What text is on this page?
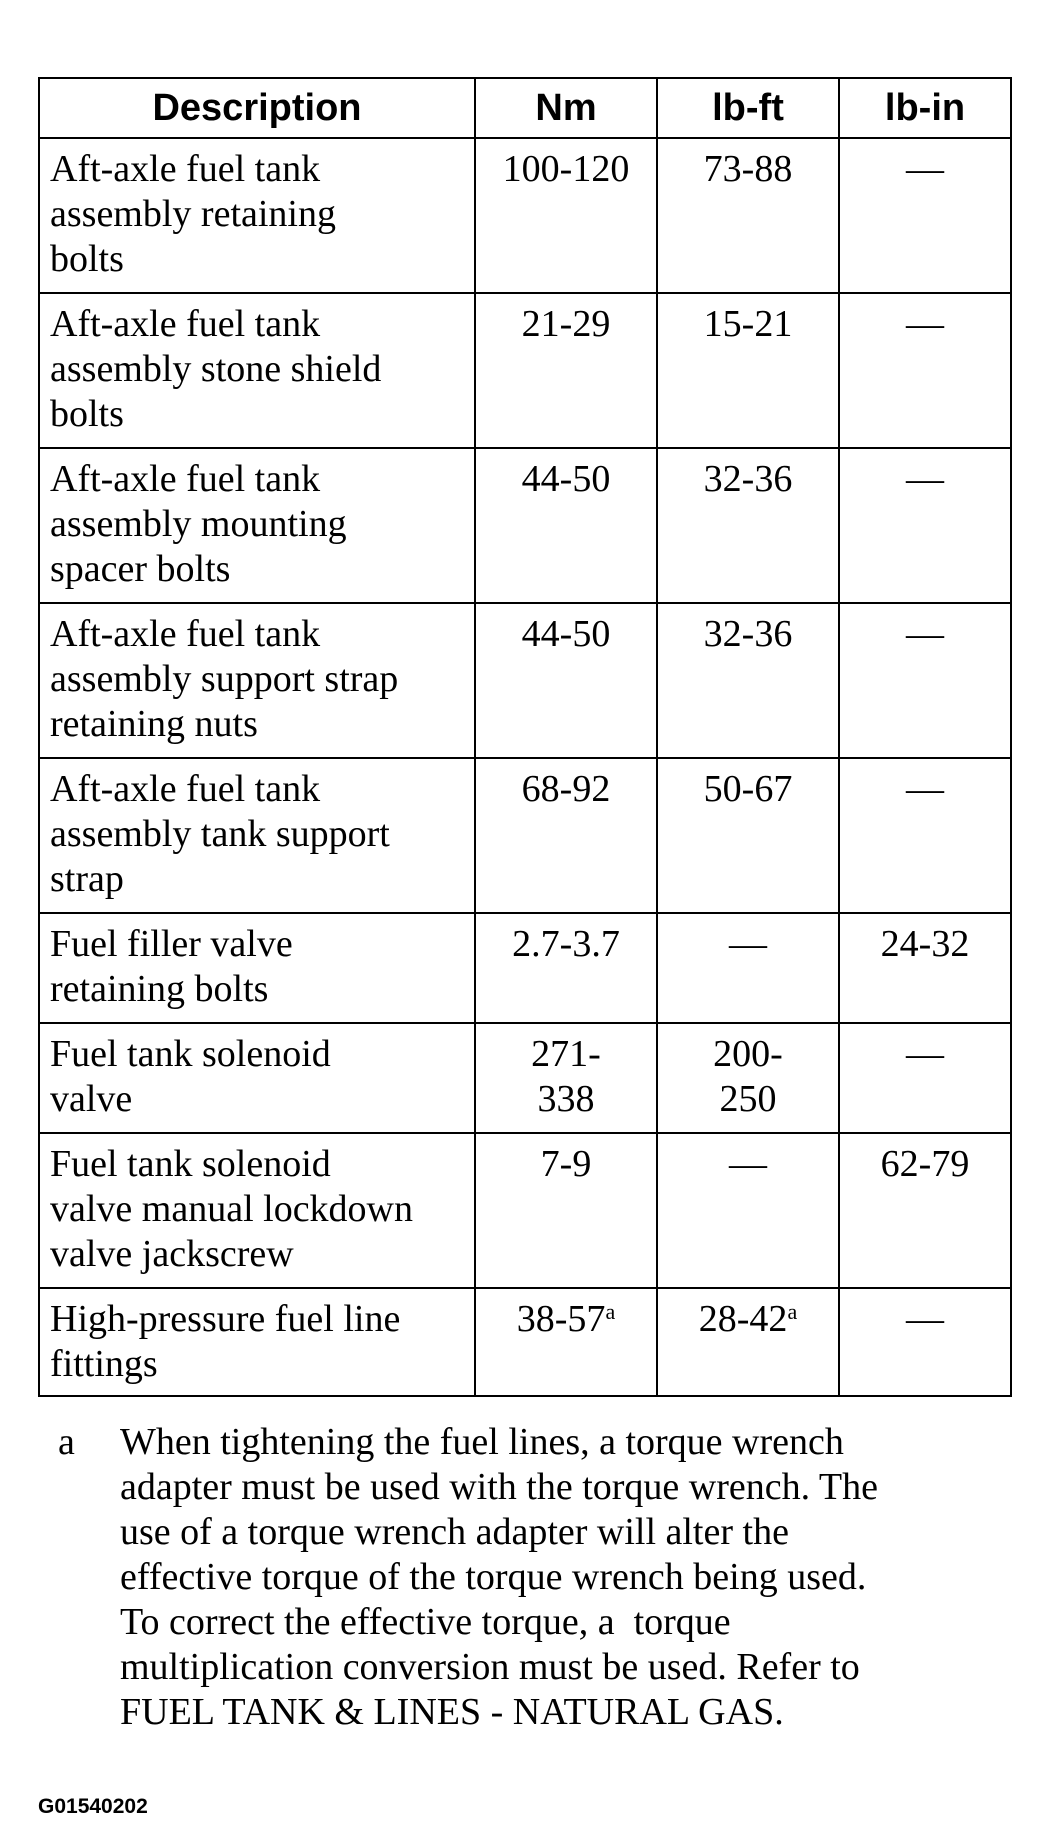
Description	Nm	lb-ft	lb-in

Aft-axle fuel tank
assembly retaining
bolts	100-120	73-88	—

Aft-axle fuel tank
assembly stone shield
bolts	21-29	15-21	—

Aft-axle fuel tank
assembly mounting
spacer bolts	44-50	32-36	—

Aft-axle fuel tank
assembly support strap
retaining nuts	44-50	32-36	—

Aft-axle fuel tank
assembly tank support
strap	68-92	50-67	—

Fuel filler valve
retaining bolts	2.7-3.7	—	24-32

Fuel tank solenoid
valve	271-338	200-250	—

Fuel tank solenoid
valve manual lockdown
valve jackscrew	7-9	—	62-79

High-pressure fuel line
fittings	38-57$^a$	28-42$^a$	—
a When tightening the fuel lines, a torque wrench
adapter must be used with the torque wrench. The
use of a torque wrench adapter will alter the
effective torque of the torque wrench being used.
To correct the effective torque, a  torque
multiplication conversion must be used. Refer to
FUEL TANK & LINES - NATURAL GAS.
G01540202
